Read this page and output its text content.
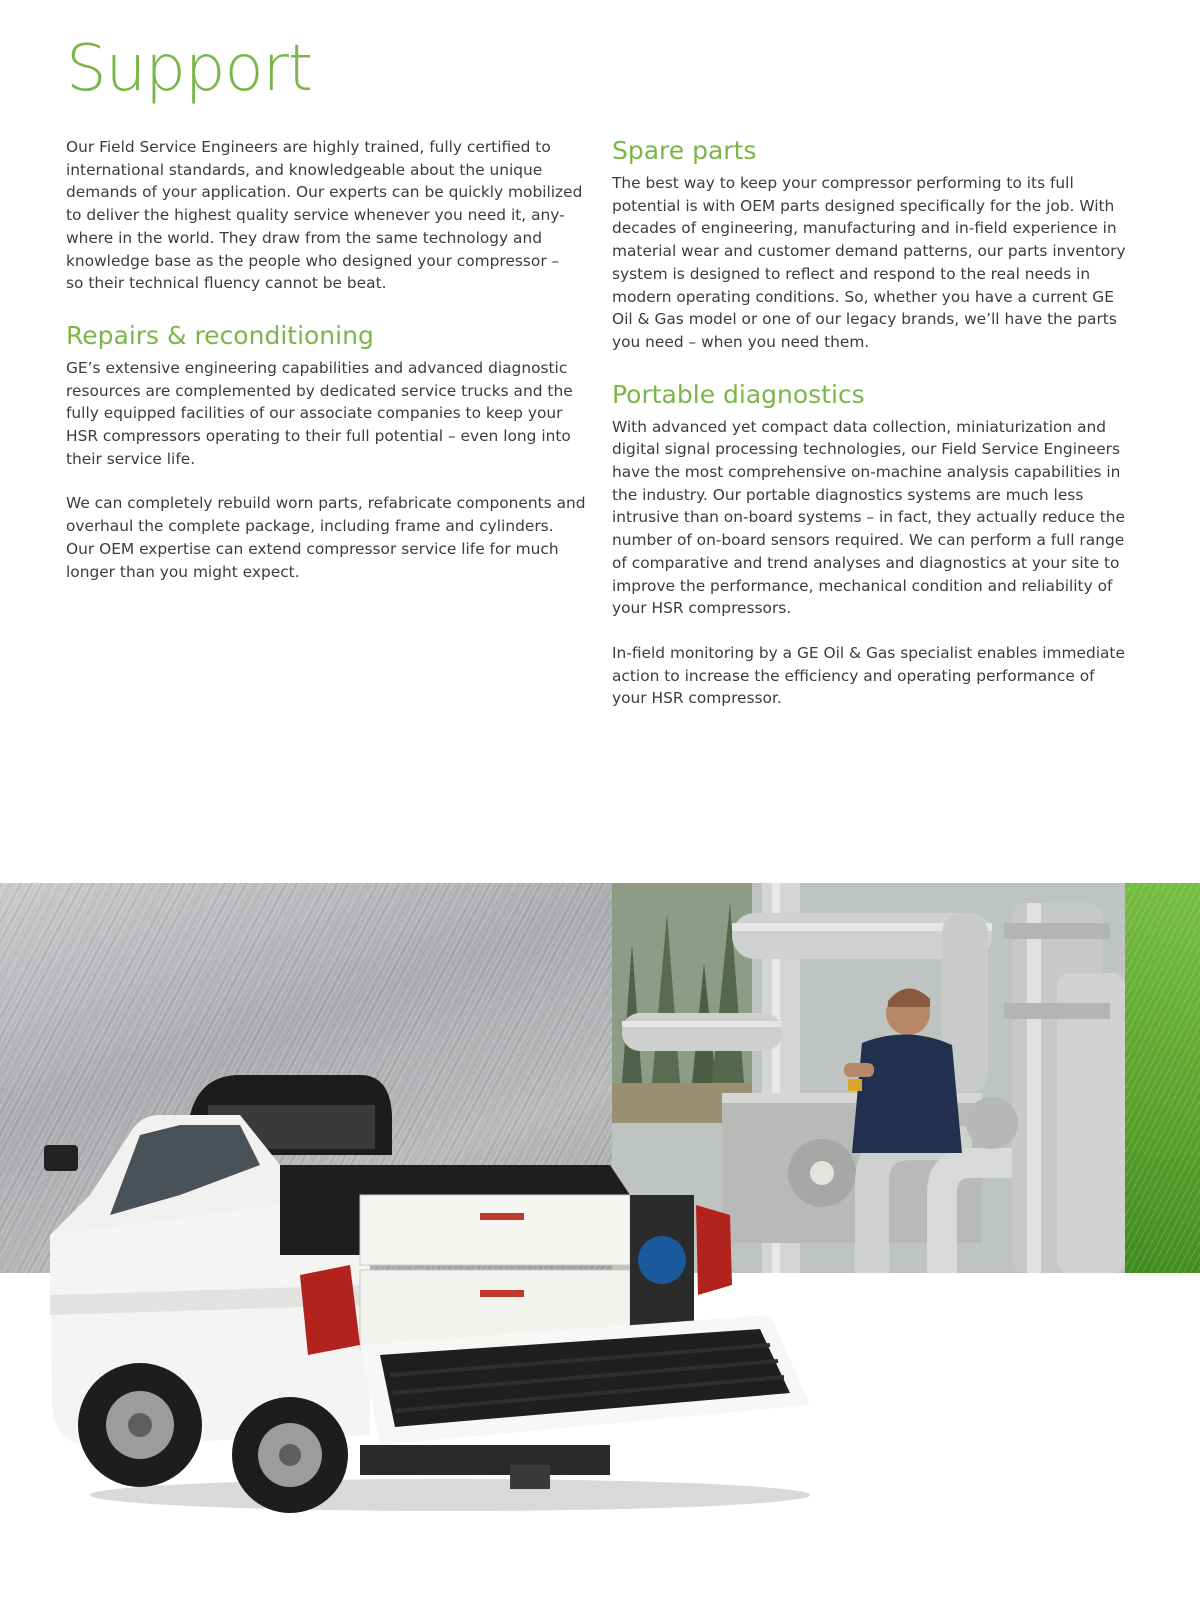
Support

Our Field Service Engineers are highly trained, fully certified to international standards, and knowledgeable about the unique demands of your application. Our experts can be quickly mobilized to deliver the highest quality service whenever you need it, any-where in the world. They draw from the same technology and knowledge base as the people who designed your compressor –

so their technical fluency cannot be beat.

Repairs & reconditioning

GE’s extensive engineering capabilities and advanced diagnostic resources are complemented by dedicated service trucks and the fully equipped facilities of our associate companies to keep your HSR compressors operating to their full potential – even long into their service life.

We can completely rebuild worn parts, refabricate components and overhaul the complete package, including frame and cylinders. Our OEM expertise can extend compressor service life for much longer than you might expect.

Spare parts

The best way to keep your compressor performing to its full potential is with OEM parts designed specifically for the job. With decades of engineering, manufacturing and in-field experience in material wear and customer demand patterns, our parts inventory system is designed to reflect and respond to the real needs in modern operating conditions. So, whether you have a current GE Oil & Gas model or one of our legacy brands, we’ll have the parts you need – when you need them.

Portable diagnostics

With advanced yet compact data collection, miniaturization and digital signal processing technologies, our Field Service Engineers have the most comprehensive on-machine analysis capabilities in the industry. Our portable diagnostics systems are much less intrusive than on-board systems – in fact, they actually reduce the number of on-board sensors required. We can perform a full range of comparative and trend analyses and diagnostics at your site to improve the performance, mechanical condition and reliability of your HSR compressors.

In-field monitoring by a GE Oil & Gas specialist enables immediate action to increase the efficiency and operating performance of your HSR compressor.
